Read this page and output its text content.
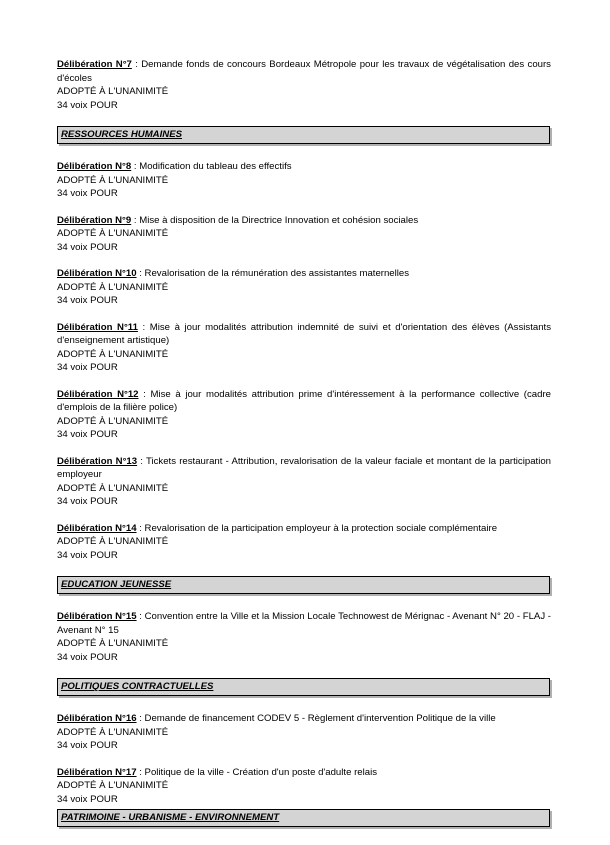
Délibération N°7 : Demande fonds de concours Bordeaux Métropole pour les travaux de végétalisation des cours d'écoles

ADOPTÉ À L'UNANIMITÉ

34 voix POUR

RESSOURCES HUMAINES

Délibération N°8 : Modification du tableau des effectifs

ADOPTÉ À L'UNANIMITÉ

34 voix POUR

Délibération N°9 : Mise à disposition de la Directrice Innovation et cohésion sociales

ADOPTÉ À L'UNANIMITÉ

34 voix POUR

Délibération N°10 : Revalorisation de la rémunération des assistantes maternelles

ADOPTÉ À L'UNANIMITÉ

34 voix POUR

Délibération N°11 : Mise à jour modalités attribution indemnité de suivi et d'orientation des élèves (Assistants d'enseignement artistique)

ADOPTÉ À L'UNANIMITÉ

34 voix POUR

Délibération N°12 : Mise à jour modalités attribution prime d'intéressement à la performance collective (cadre d'emplois de la filière police)

ADOPTÉ À L'UNANIMITÉ

34 voix POUR

Délibération N°13 : Tickets restaurant - Attribution, revalorisation de la valeur faciale et montant de la participation employeur

ADOPTÉ À L'UNANIMITÉ

34 voix POUR

Délibération N°14 : Revalorisation de la participation employeur à la protection sociale complémentaire

ADOPTÉ À L'UNANIMITÉ

34 voix POUR

EDUCATION JEUNESSE

Délibération N°15 : Convention entre la Ville et la Mission Locale Technowest de Mérignac - Avenant N° 20 - FLAJ - Avenant N° 15

ADOPTÉ À L'UNANIMITÉ

34 voix POUR

POLITIQUES CONTRACTUELLES

Délibération N°16 : Demande de financement CODEV 5 - Règlement d'intervention Politique de la ville

ADOPTÉ À L'UNANIMITÉ

34 voix POUR

Délibération N°17 : Politique de la ville - Création d'un poste d'adulte relais

ADOPTÉ À L'UNANIMITÉ

34 voix POUR

PATRIMOINE - URBANISME - ENVIRONNEMENT
